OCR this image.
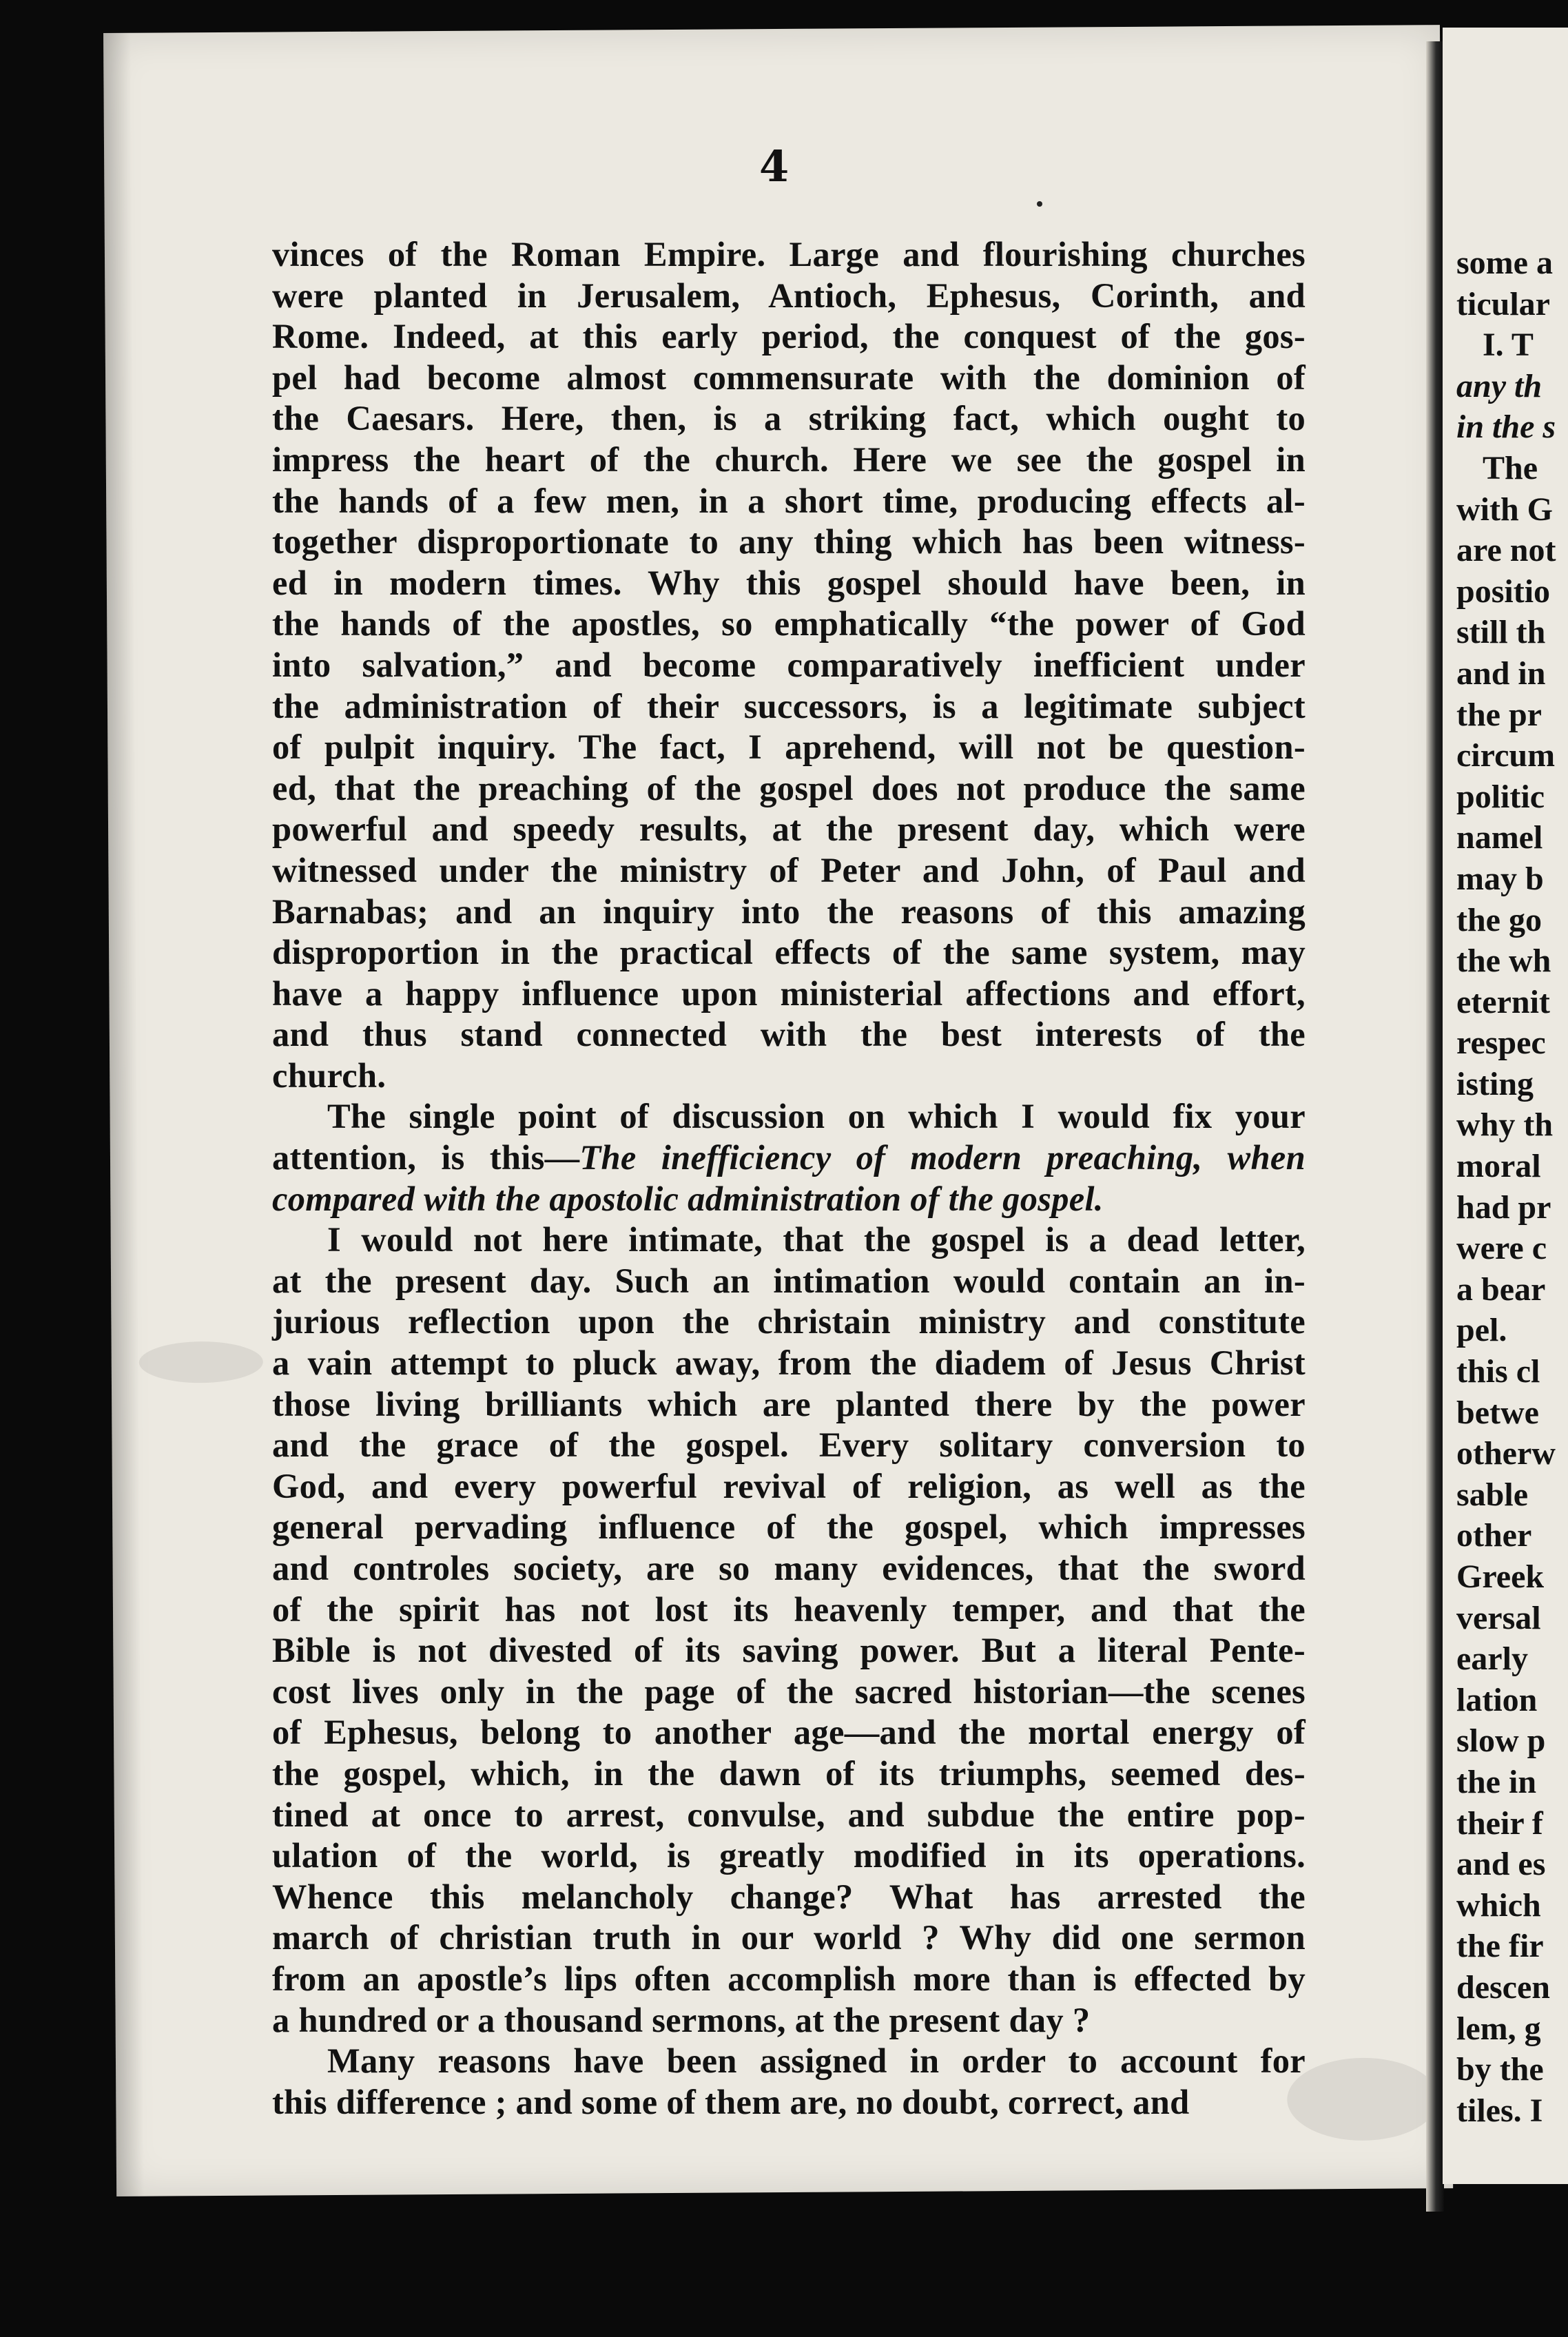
some a
ticular
I. T
any th
in the s
The
with G
are not
positio
still th
and in
the pr
circum
politic
namel
may b
the go
the wh
eternit
respec
isting
why th
moral
had pr
were c
a bear
pel.
this cl
betwe
otherw
sable
other
Greek
versal
early
lation
slow p
the in
their f
and es
which
the fir
descen
lem, g
by the
tiles. I
4
vinces of the Roman Empire. Large and flourishing churches
were planted in Jerusalem, Antioch, Ephesus, Corinth, and
Rome. Indeed, at this early period, the conquest of the gos-
pel had become almost commensurate with the dominion of
the Caesars. Here, then, is a striking fact, which ought to
impress the heart of the church. Here we see the gospel in
the hands of a few men, in a short time, producing effects al-
together disproportionate to any thing which has been witness-
ed in modern times. Why this gospel should have been, in
the hands of the apostles, so emphatically “the power of God
into salvation,” and become comparatively inefficient under
the administration of their successors, is a legitimate subject
of pulpit inquiry. The fact, I aprehend, will not be question-
ed, that the preaching of the gospel does not produce the same
powerful and speedy results, at the present day, which were
witnessed under the ministry of Peter and John, of Paul and
Barnabas; and an inquiry into the reasons of this amazing
disproportion in the practical effects of the same system, may
have a happy influence upon ministerial affections and effort,
and thus stand connected with the best interests of the
church.
The single point of discussion on which I would fix your
attention, is this—The inefficiency of modern preaching, when
compared with the apostolic administration of the gospel.
I would not here intimate, that the gospel is a dead letter,
at the present day. Such an intimation would contain an in-
jurious reflection upon the christain ministry and constitute
a vain attempt to pluck away, from the diadem of Jesus Christ
those living brilliants which are planted there by the power
and the grace of the gospel. Every solitary conversion to
God, and every powerful revival of religion, as well as the
general pervading influence of the gospel, which impresses
and controles society, are so many evidences, that the sword
of the spirit has not lost its heavenly temper, and that the
Bible is not divested of its saving power. But a literal Pente-
cost lives only in the page of the sacred historian—the scenes
of Ephesus, belong to another age—and the mortal energy of
the gospel, which, in the dawn of its triumphs, seemed des-
tined at once to arrest, convulse, and subdue the entire pop-
ulation of the world, is greatly modified in its operations.
Whence this melancholy change? What has arrested the
march of christian truth in our world ? Why did one sermon
from an apostle’s lips often accomplish more than is effected by
a hundred or a thousand sermons, at the present day ?
Many reasons have been assigned in order to account for
this difference ; and some of them are, no doubt, correct, and
